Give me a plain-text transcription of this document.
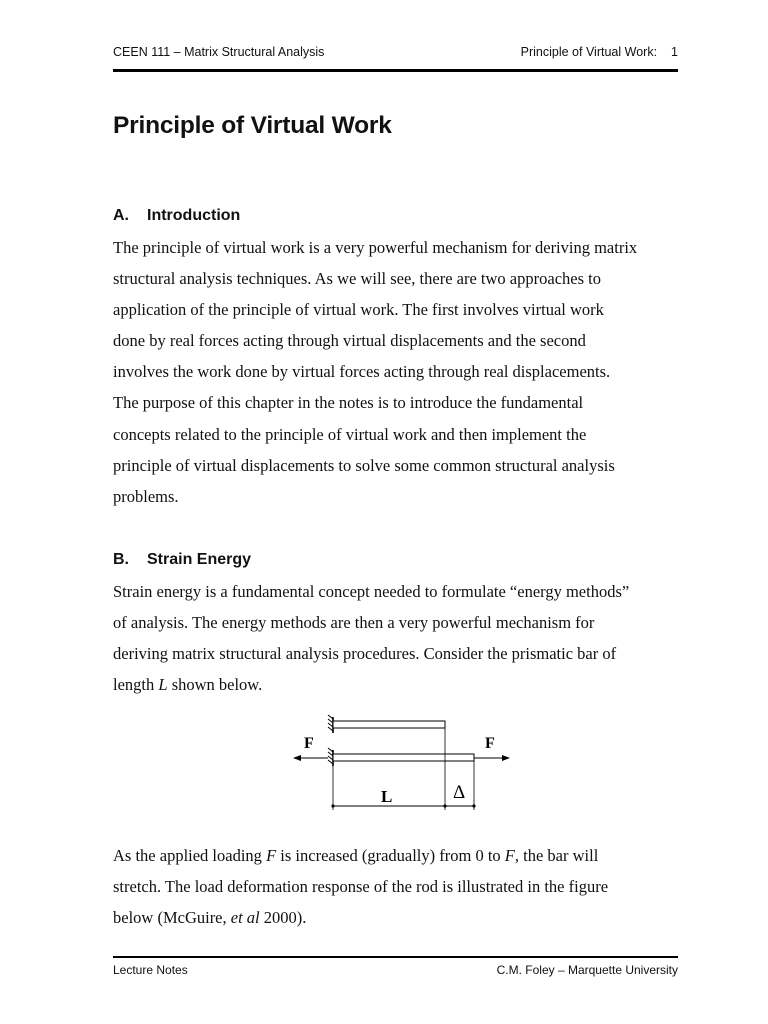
CEEN 111 – Matrix Structural Analysis	Principle of Virtual Work: 1
Principle of Virtual Work
A. Introduction

The principle of virtual work is a very powerful mechanism for deriving matrix
structural analysis techniques. As we will see, there are two approaches to
application of the principle of virtual work. The first involves virtual work
done by real forces acting through virtual displacements and the second
involves the work done by virtual forces acting through real displacements.
The purpose of this chapter in the notes is to introduce the fundamental
concepts related to the principle of virtual work and then implement the
principle of virtual displacements to solve some common structural analysis
problems.

B. Strain Energy

Strain energy is a fundamental concept needed to formulate “energy methods”
of analysis. The energy methods are then a very powerful mechanism for
deriving matrix structural analysis procedures. Consider the prismatic bar of
length L shown below.

F	F
L	Δ

As the applied loading F is increased (gradually) from 0 to F, the bar will
stretch. The load deformation response of the rod is illustrated in the figure
below (McGuire, et al 2000).

Lecture Notes	C.M. Foley – Marquette University
